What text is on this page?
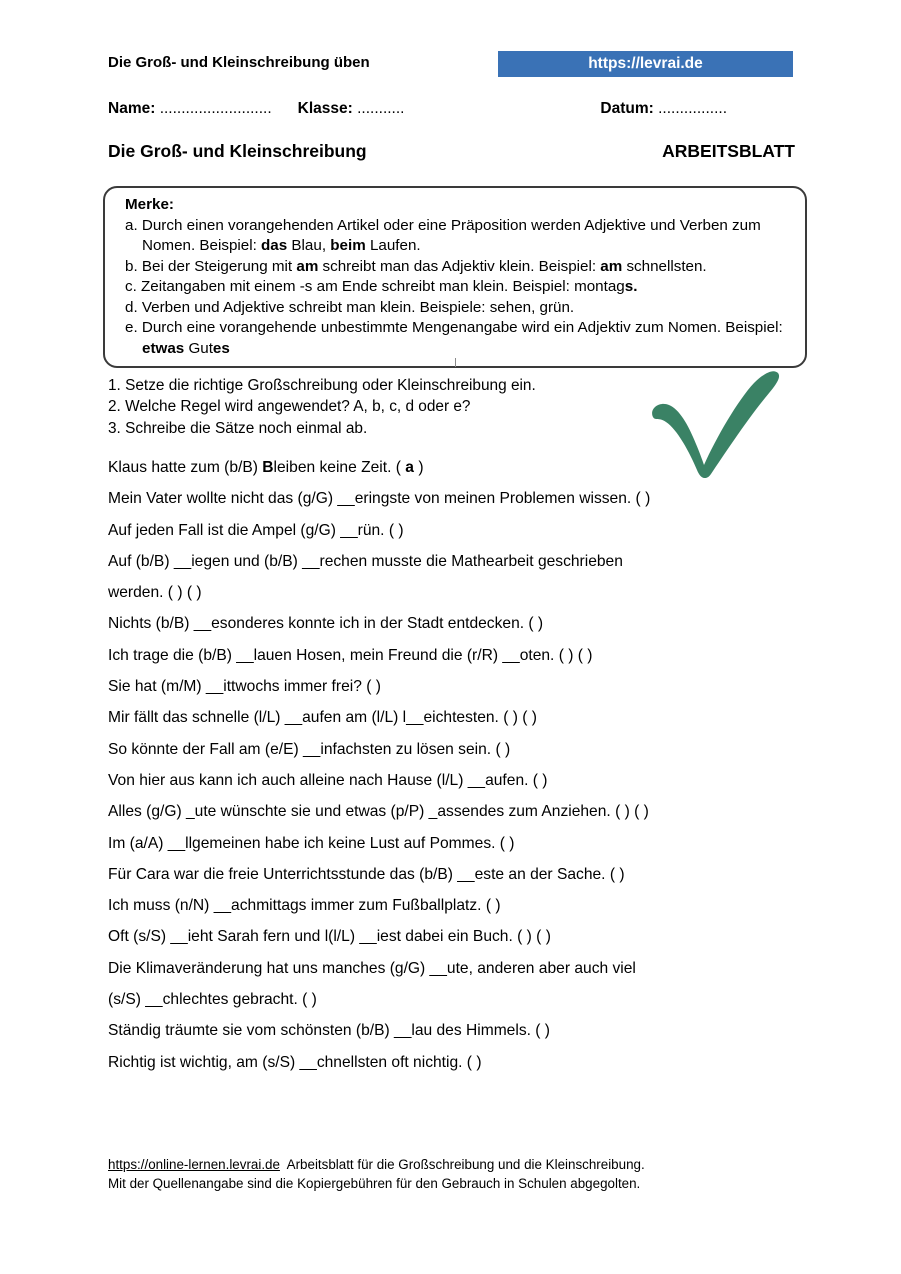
Die Groß- und Kleinschreibung üben	https://levrai.de
Name: .......................... Klasse: ...........	Datum: ................
Die Groß- und Kleinschreibung	ARBEITSBLATT
Merke:
a. Durch einen vorangehenden Artikel oder eine Präposition werden Adjektive und Verben zum Nomen. Beispiel: das Blau, beim Laufen.
b. Bei der Steigerung mit am schreibt man das Adjektiv klein. Beispiel: am schnellsten.
c. Zeitangaben mit einem -s am Ende schreibt man klein. Beispiel: montags.
d. Verben und Adjektive schreibt man klein. Beispiele: sehen, grün.
e. Durch eine vorangehende unbestimmte Mengenangabe wird ein Adjektiv zum Nomen. Beispiel: etwas Gutes
1. Setze die richtige Großschreibung oder Kleinschreibung ein.
2. Welche Regel wird angewendet? A, b, c, d oder e?
3. Schreibe die Sätze noch einmal ab.
Klaus hatte zum (b/B) Bleiben keine Zeit. ( a )
Mein Vater wollte nicht das (g/G) __eringste von meinen Problemen wissen. ( )
Auf jeden Fall ist die Ampel (g/G) __rün. ( )
Auf (b/B) __iegen und (b/B) __rechen musste die Mathearbeit geschrieben
werden. ( ) ( )
Nichts (b/B) __esonderes konnte ich in der Stadt entdecken. ( )
Ich trage die (b/B) __lauen Hosen, mein Freund die (r/R) __oten. ( ) ( )
Sie hat (m/M) __ittwochs immer frei? ( )
Mir fällt das schnelle (l/L) __aufen am (l/L) l__eichtesten. ( ) ( )
So könnte der Fall am (e/E) __infachsten zu lösen sein. ( )
Von hier aus kann ich auch alleine nach Hause (l/L) __aufen. ( )
Alles (g/G) _ute wünschte sie und etwas (p/P) _assendes zum Anziehen. ( ) ( )
Im (a/A) __llgemeinen habe ich keine Lust auf Pommes. ( )
Für Cara war die freie Unterrichtsstunde das (b/B) __este an der Sache. ( )
Ich muss (n/N) __achmittags immer zum Fußballplatz. ( )
Oft (s/S) __ieht Sarah fern und l(l/L) __iest dabei ein Buch. ( ) ( )
Die Klimaveränderung hat uns manches (g/G) __ute, anderen aber auch viel
(s/S) __chlechtes gebracht. ( )
Ständig träumte sie vom schönsten (b/B) __lau des Himmels. ( )
Richtig ist wichtig, am (s/S) __chnellsten oft nichtig. ( )
https://online-lernen.levrai.de  Arbeitsblatt für die Großschreibung und die Kleinschreibung.
Mit der Quellenangabe sind die Kopiergebühren für den Gebrauch in Schulen abgegolten.
